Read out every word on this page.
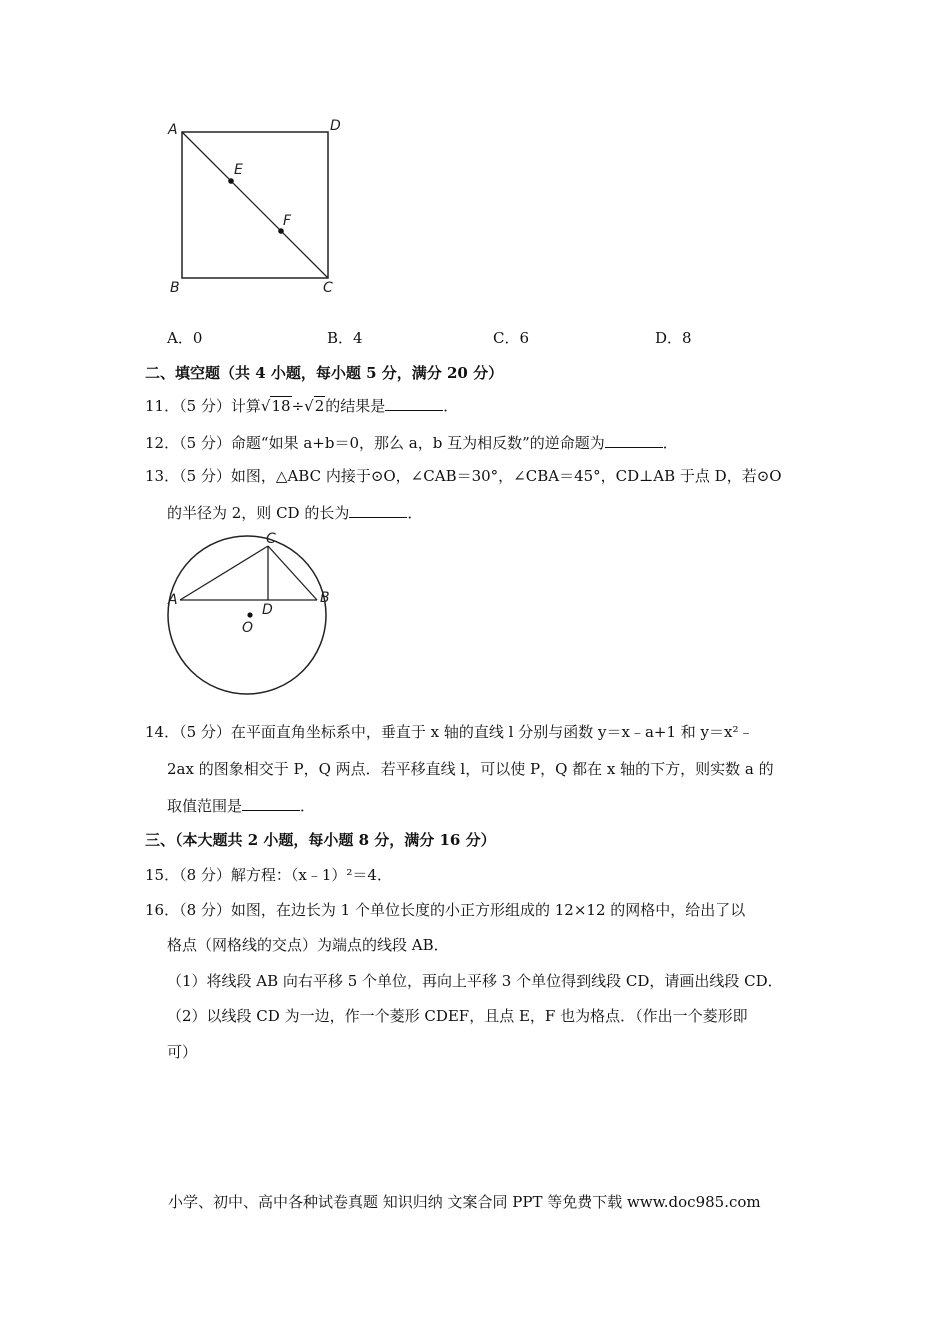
A	D
E
F
B	C
A．0	B．4	C．6	D．8
二、填空题（共 4 小题，每小题 5 分，满分 20 分）
11．（5 分）计算√18÷√2的结果是	．
12．（5 分）命题“如果 a+b＝0，那么 a，b 互为相反数”的逆命题为	．
13．（5 分）如图，△ABC 内接于⊙O，∠CAB＝30°，∠CBA＝45°，CD⊥AB 于点 D，若⊙O
的半径为 2，则 CD 的长为	．
C
A	B
D
O
14．（5 分）在平面直角坐标系中，垂直于 x 轴的直线 l 分别与函数 y＝x﹣a+1 和 y＝x²﹣
2ax 的图象相交于 P，Q 两点．若平移直线 l，可以使 P，Q 都在 x 轴的下方，则实数 a 的
取值范围是	．
三、（本大题共 2 小题，每小题 8 分，满分 16 分）
15．（8 分）解方程：（x﹣1）²＝4．
16．（8 分）如图，在边长为 1 个单位长度的小正方形组成的 12×12 的网格中，给出了以
格点（网格线的交点）为端点的线段 AB．
（1）将线段 AB 向右平移 5 个单位，再向上平移 3 个单位得到线段 CD，请画出线段 CD．
（2）以线段 CD 为一边，作一个菱形 CDEF，且点 E，F 也为格点．（作出一个菱形即
可）
小学、初中、高中各种试卷真题 知识归纳 文案合同 PPT 等免费下载 www.doc985.com
